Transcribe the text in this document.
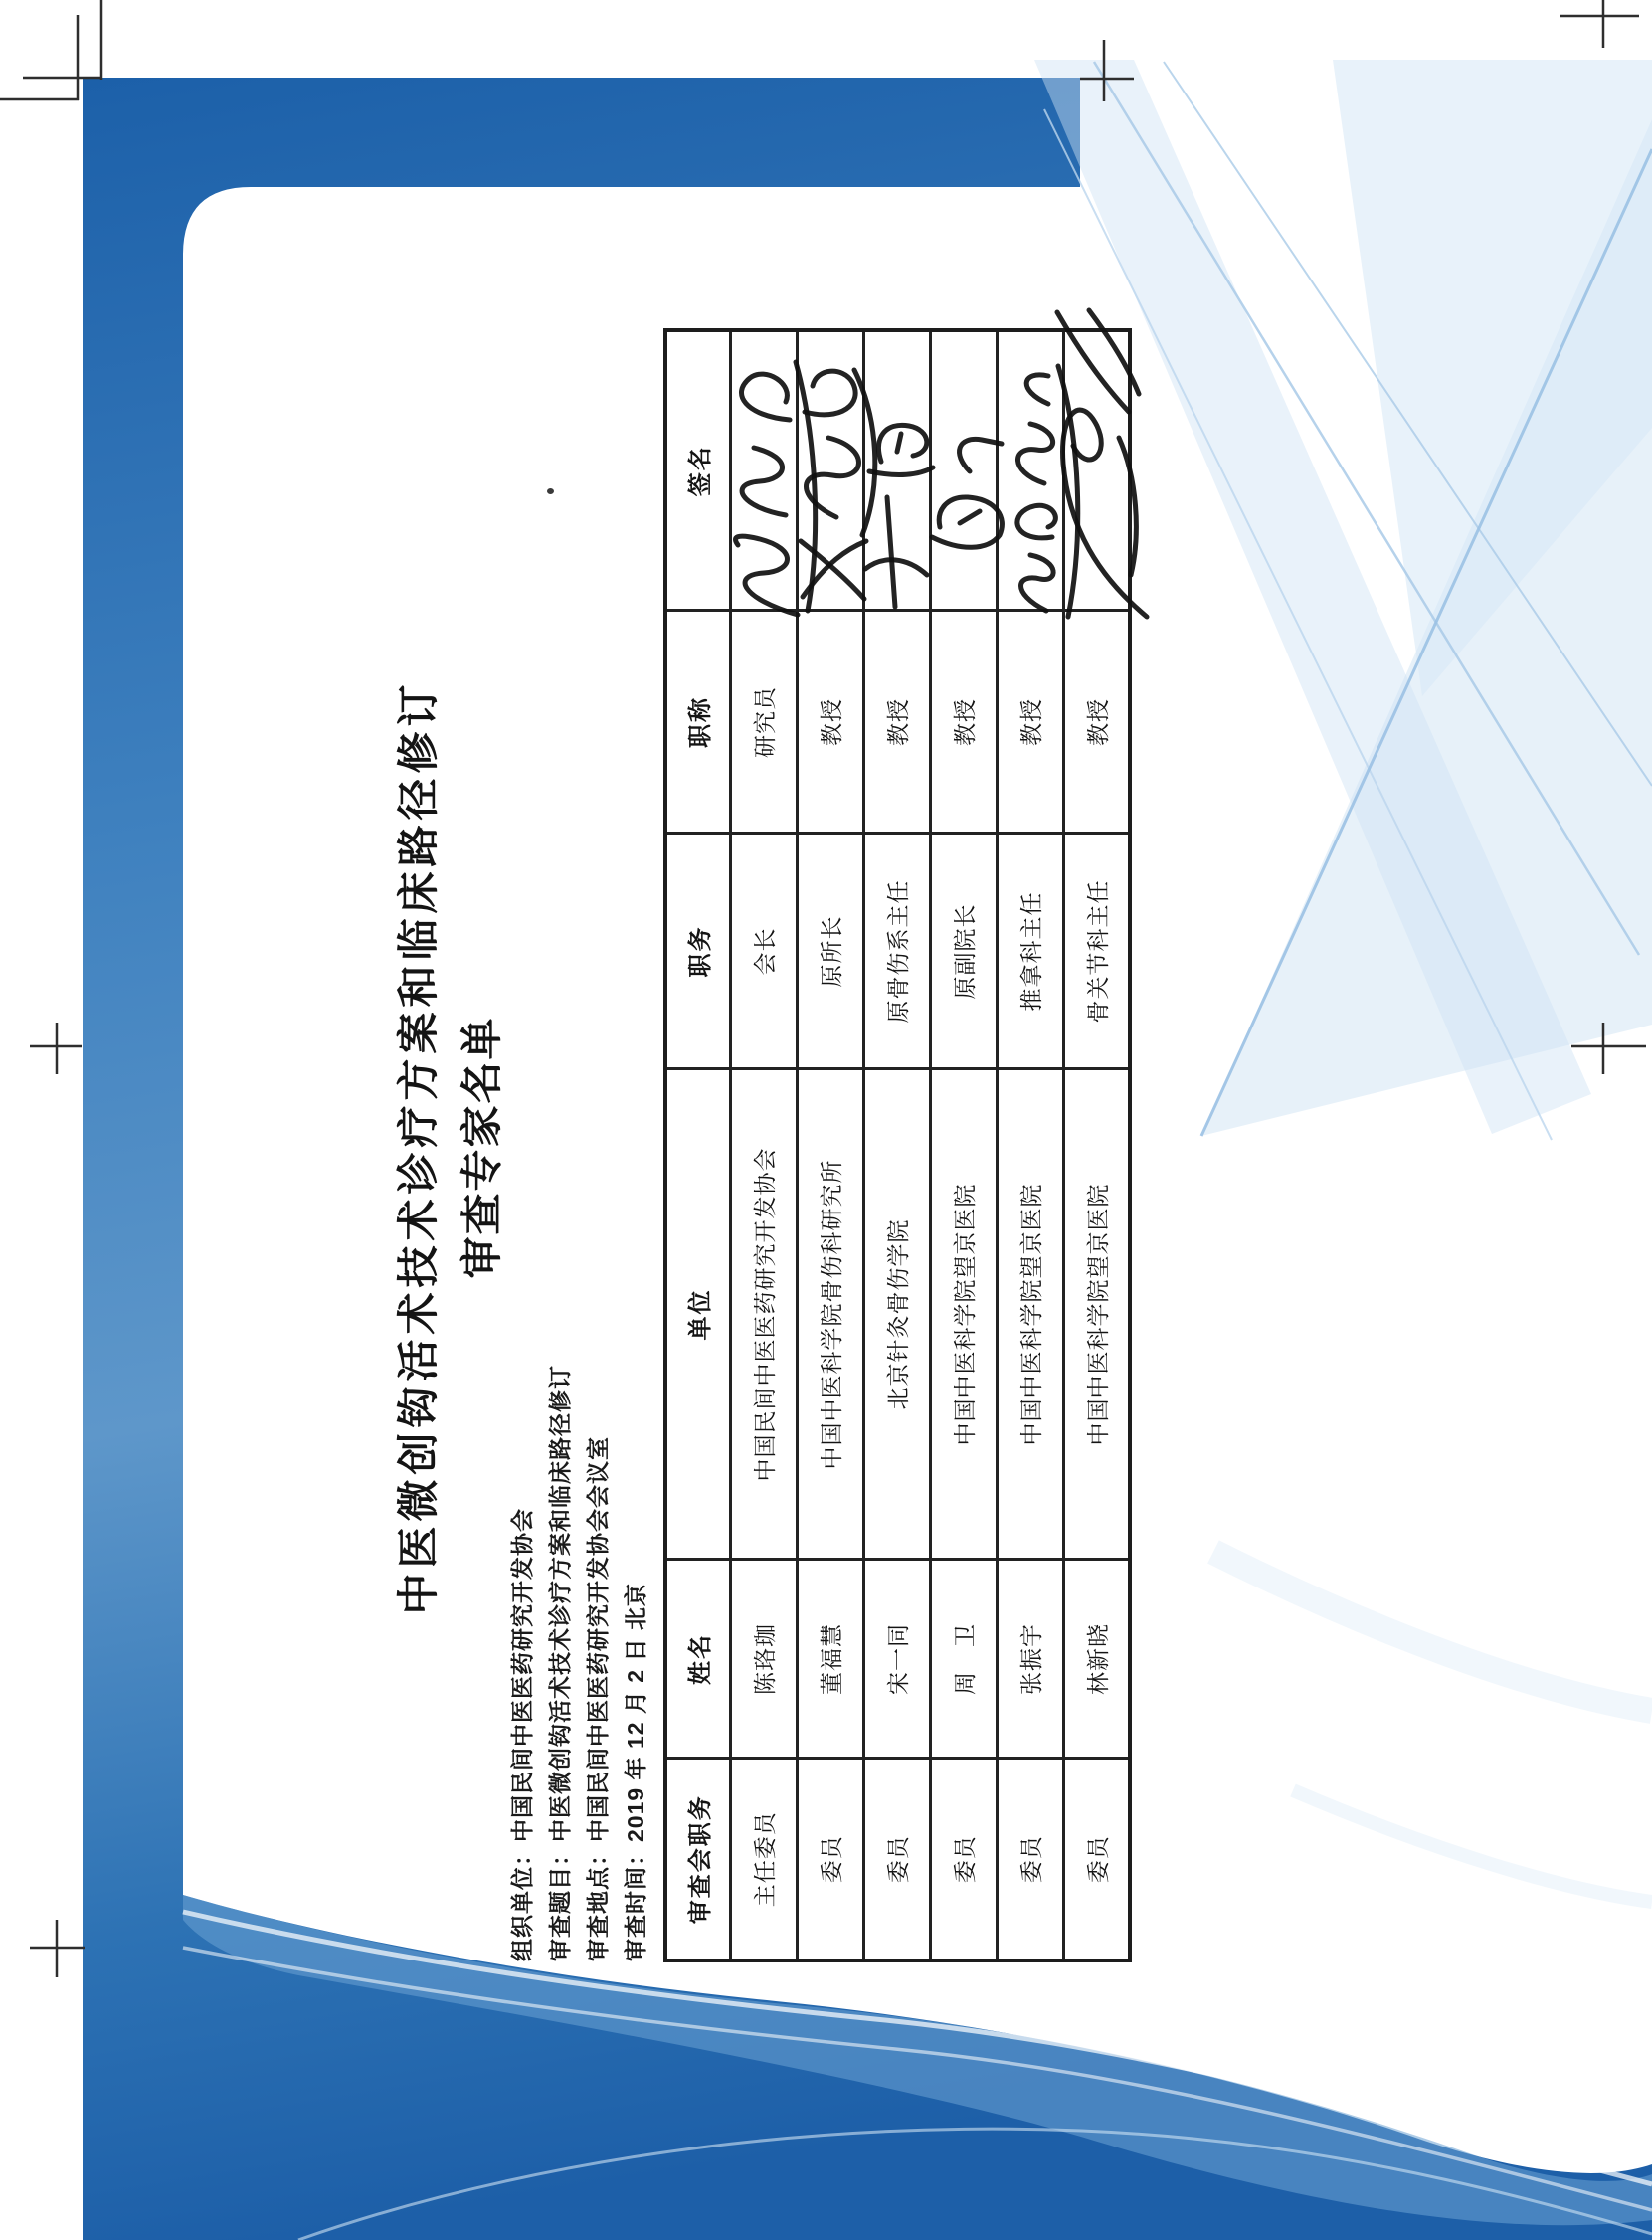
中医微创钩活术技术诊疗方案和临床路径修订 审查专家名单
组织单位：中国民间中医医药研究开发协会 审查题目：中医微创钩活术技术诊疗方案和临床路径修订 审查地点：中国民间中医医药研究开发协会会议室 审查时间：2019 年 12 月 2 日 北京 审查会职务	姓名	单位	职务	职称	签名
主任委员	陈珞珈	中国民间中医医药研究开发协会	会长	研究员	

委员	董福慧	中国中医科学院骨伤科研究所	原所长	教授	

委员	宋一同	北京针灸骨伤学院	原骨伤系主任	教授	

委员	周　卫	中国中医科学院望京医院	原副院长	教授	

委员	张振宇	中国中医科学院望京医院	推拿科主任	教授	

委员	林新晓	中国中医科学院望京医院	骨关节科主任	教授	
